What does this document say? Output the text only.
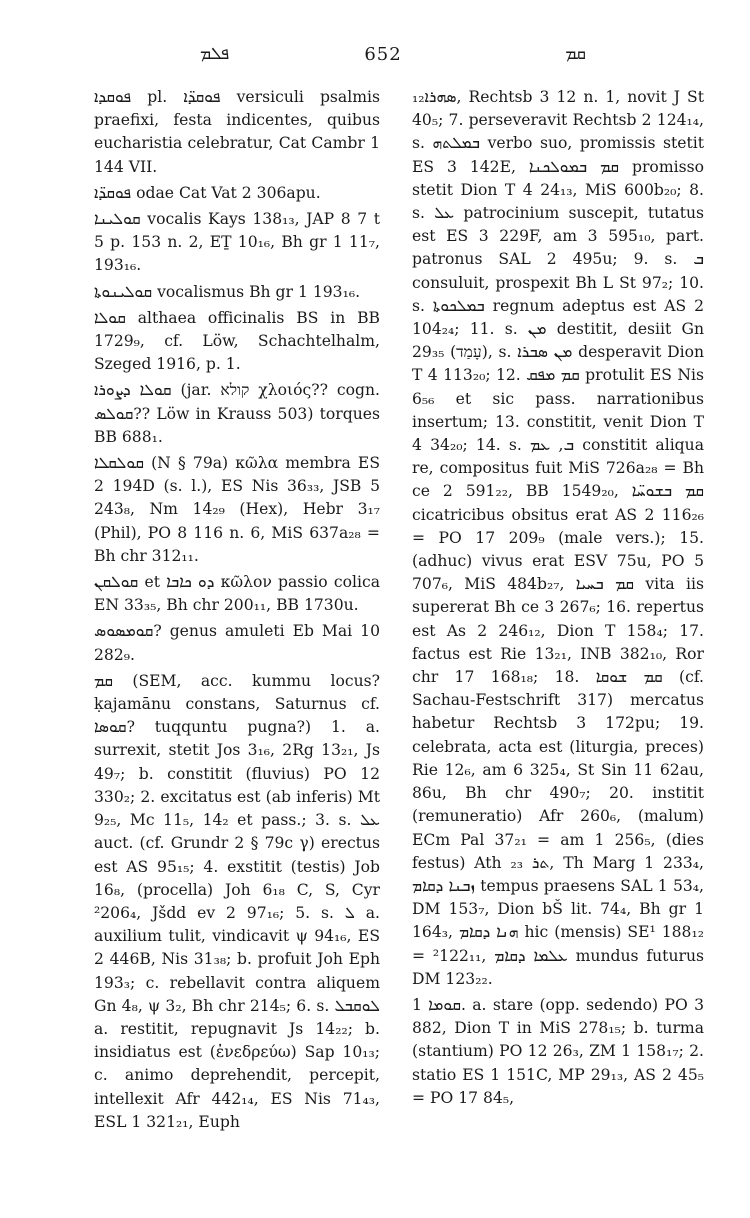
ܦܠܡ	652	ܩܡ
ܦܘܩܕܐ pl. ܦܘܩܕ̈ܐ versiculi psalmis praefixi, festa indicentes, quibus eucharistia celebratur, Cat Cambr 1 144 VII.
ܦܘܩܕ̈ܐ odae Cat Vat 2 306apu.
ܩܘܠܝܢܐ vocalis Kays 138₁₃, JAP 8 7 t 5 p. 153 n. 2, EṮ 10₁₆, Bh gr 1 11₇, 193₁₆.
ܩܘܠܝܢܘܬܐ vocalismus Bh gr 1 193₁₆.
ܩܘܠܐ althaea officinalis BS in BB 1729₉, cf. Löw, Schachtelhalm, Szeged 1916, p. 1.
ܩܘܠܐ ܕܨܘܪܐ (jar. קולא χλοιός?? cogn. ܩܘܠܣ?? Löw in Krauss 503) torques BB 688₁.
ܩܘܠܩܠܐ (N § 79a) κῶλα membra ES 2 194D (s. l.), ES Nis 36₃₃, JSB 5 243₈, Nm 14₂₉ (Hex), Hebr 3₁₇ (Phil), PO 8 116 n. 6, MiS 637a₂₈ = Bh chr 312₁₁.
ܩܘܠܩܢ et ܕܘ ܟܐܒܐ κῶλον passio colica EN 33₃₅, Bh chr 200₁₁, BB 1730u.
ܩܘܡܣܘܣ? genus amuleti Eb Mai 10 282₉.
ܩܡ (SEM, acc. kummu locus? ḳajamānu constans, Saturnus cf. ܩܘܣܐ? tuqquntu pugna?) 1. a. surrexit, stetit Jos 3₁₆, 2Rg 13₂₁, Js 49₇; b. constitit (fluvius) PO 12 330₂; 2. excitatus est (ab inferis) Mt 9₂₅, Mc 11₅, 14₂ et pass.; 3. s. ܥܠ auct. (cf. Grundr 2 § 79c γ) erectus est AS 95₁₅; 4. exstitit (testis) Job 16₈, (procella) Joh 6₁₈ C, S, Cyr ²206₄, Jšdd ev 2 97₁₆; 5. s. ܠ a. auxilium tulit, vindicavit ψ 94₁₆, ES 2 446B, Nis 31₃₈; b. profuit Joh Eph 193₃; c. rebellavit contra aliquem Gn 4₈, ψ 3₂, Bh chr 214₅; 6. s. ܠܘܩܒܠ a. restitit, repugnavit Js 14₂₂; b. insidiatus est (ἐνεδρεύω) Sap 10₁₃; c. animo deprehendit, percepit, intellexit Afr 442₁₄, ES Nis 71₄₃, ESL 1 321₂₁, Euph
ܣܗܪܐ₁₂, Rechtsb 3 12 n. 1, novit J St 40₅; 7. perseveravit Rechtsb 2 124₁₄, s. ܒܡܠܬܗ verbo suo, promissis stetit ES 3 142E, ܩܡ ܒܡܘܠܟܢܐ promisso stetit Dion T 4 24₁₃, MiS 600b₂₀; 8. s. ܥܠ patrocinium suscepit, tutatus est ES 3 229F, am 3 595₁₀, part. patronus SAL 2 495u; 9. s. ܒ consuluit, prospexit Bh L St 97₂; 10. s. ܒܡܠܟܘܬܐ regnum adeptus est AS 2 104₂₄; 11. s. ܡܢ destitit, desiit Gn 29₃₅ (עָמַד), s. ܡܢ ܣܒܪܐ desperavit Dion T 4 113₂₀; 12. ܩܡ ܡܦܩ protulit ES Nis 6₅₆ et sic pass. narrationibus insertum; 13. constitit, venit Dion T 4 34₂₀; 14. s. ܒ, ܥܡ constitit aliqua re, compositus fuit MiS 726a₂₈ = Bh ce 2 591₂₂, BB 1549₂₀, ܩܡ ܒܫܘܚ̈ܐ cicatricibus obsitus erat AS 2 116₂₆ = PO 17 209₉ (male vers.); 15. (adhuc) vivus erat ESV 75u, PO 5 707₆, MiS 484b₂₇, ܩܡ ܒܚܝܐ vita iis supererat Bh ce 3 267₆; 16. repertus est As 2 246₁₂, Dion T 158₄; 17. factus est Rie 13₂₁, INB 382₁₀, Ror chr 17 168₁₈; 18. ܩܡ ܫܘܩܐ (cf. Sachau-Festschrift 317) mercatus habetur Rechtsb 3 172pu; 19. celebrata, acta est (liturgia, preces) Rie 12₆, am 6 325₄, St Sin 11 62au, 86u, Bh chr 490₇; 20. institit (remuneratio) Afr 260₆, (malum) ECm Pal 37₂₁ = am 1 256₅, (dies festus) Ath ܬܪ ₂₃, Th Marg 1 233₄, ܙܒܢܐ ܕܩܐܡ tempus praesens SAL 1 53₄, DM 153₇, Dion bŠ lit. 74₄, Bh gr 1 164₃, ܗܢܐ ܕܩܐܡ hic (mensis) SE¹ 188₁₂ = ²122₁₁, ܥܠܡܐ ܕܩܐܡ mundus futurus DM 123₂₂.
ܩܘܡܐ 1. a. stare (opp. sedendo) PO 3 882, Dion T in MiS 278₁₅; b. turma (stantium) PO 12 26₃, ZM 1 158₁₇; 2. statio ES 1 151C, MP 29₁₃, AS 2 45₅ = PO 17 84₅,
